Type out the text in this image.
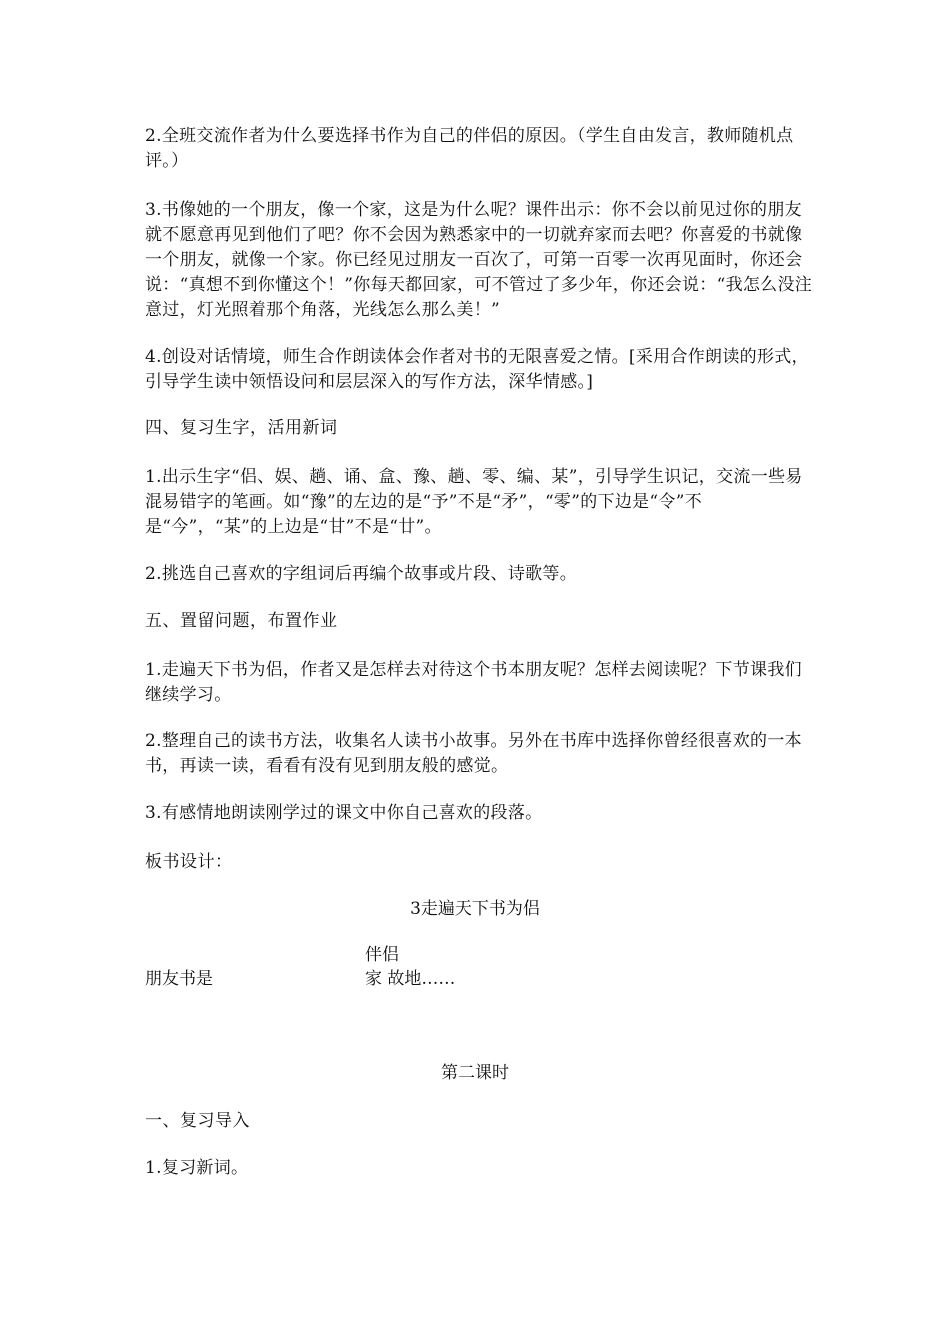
2.全班交流作者为什么要选择书作为自己的伴侣的原因。（学生自由发言，教师随机点评。）

3.书像她的一个朋友，像一个家，这是为什么呢？课件出示：你不会以前见过你的朋友就不愿意再见到他们了吧？你不会因为熟悉家中的一切就弃家而去吧？你喜爱的书就像一个朋友，就像一个家。你已经见过朋友一百次了，可第一百零一次再见面时，你还会说：“真想不到你懂这个！”你每天都回家，可不管过了多少年，你还会说：“我怎么没注意过，灯光照着那个角落，光线怎么那么美！”

4.创设对话情境，师生合作朗读体会作者对书的无限喜爱之情。[采用合作朗读的形式，引导学生读中领悟设问和层层深入的写作方法，深华情感。]

四、复习生字，活用新词

1.出示生字“侣、娱、趟、诵、盒、豫、趟、零、编、某”，引导学生识记，交流一些易混易错字的笔画。如“豫”的左边的是“予”不是“矛”，“零”的下边是“令”不是“今”，“某”的上边是“甘”不是“廿”。

2.挑选自己喜欢的字组词后再编个故事或片段、诗歌等。

五、置留问题，布置作业

1.走遍天下书为侣，作者又是怎样去对待这个书本朋友呢？怎样去阅读呢？下节课我们继续学习。

2.整理自己的读书方法，收集名人读书小故事。另外在书库中选择你曾经很喜欢的一本书，再读一读，看看有没有见到朋友般的感觉。

3.有感情地朗读刚学过的课文中你自己喜欢的段落。

板书设计：

3走遍天下书为侣

伴侣

朋友书是	家 故地……

第二课时

一、复习导入

1.复习新词。
